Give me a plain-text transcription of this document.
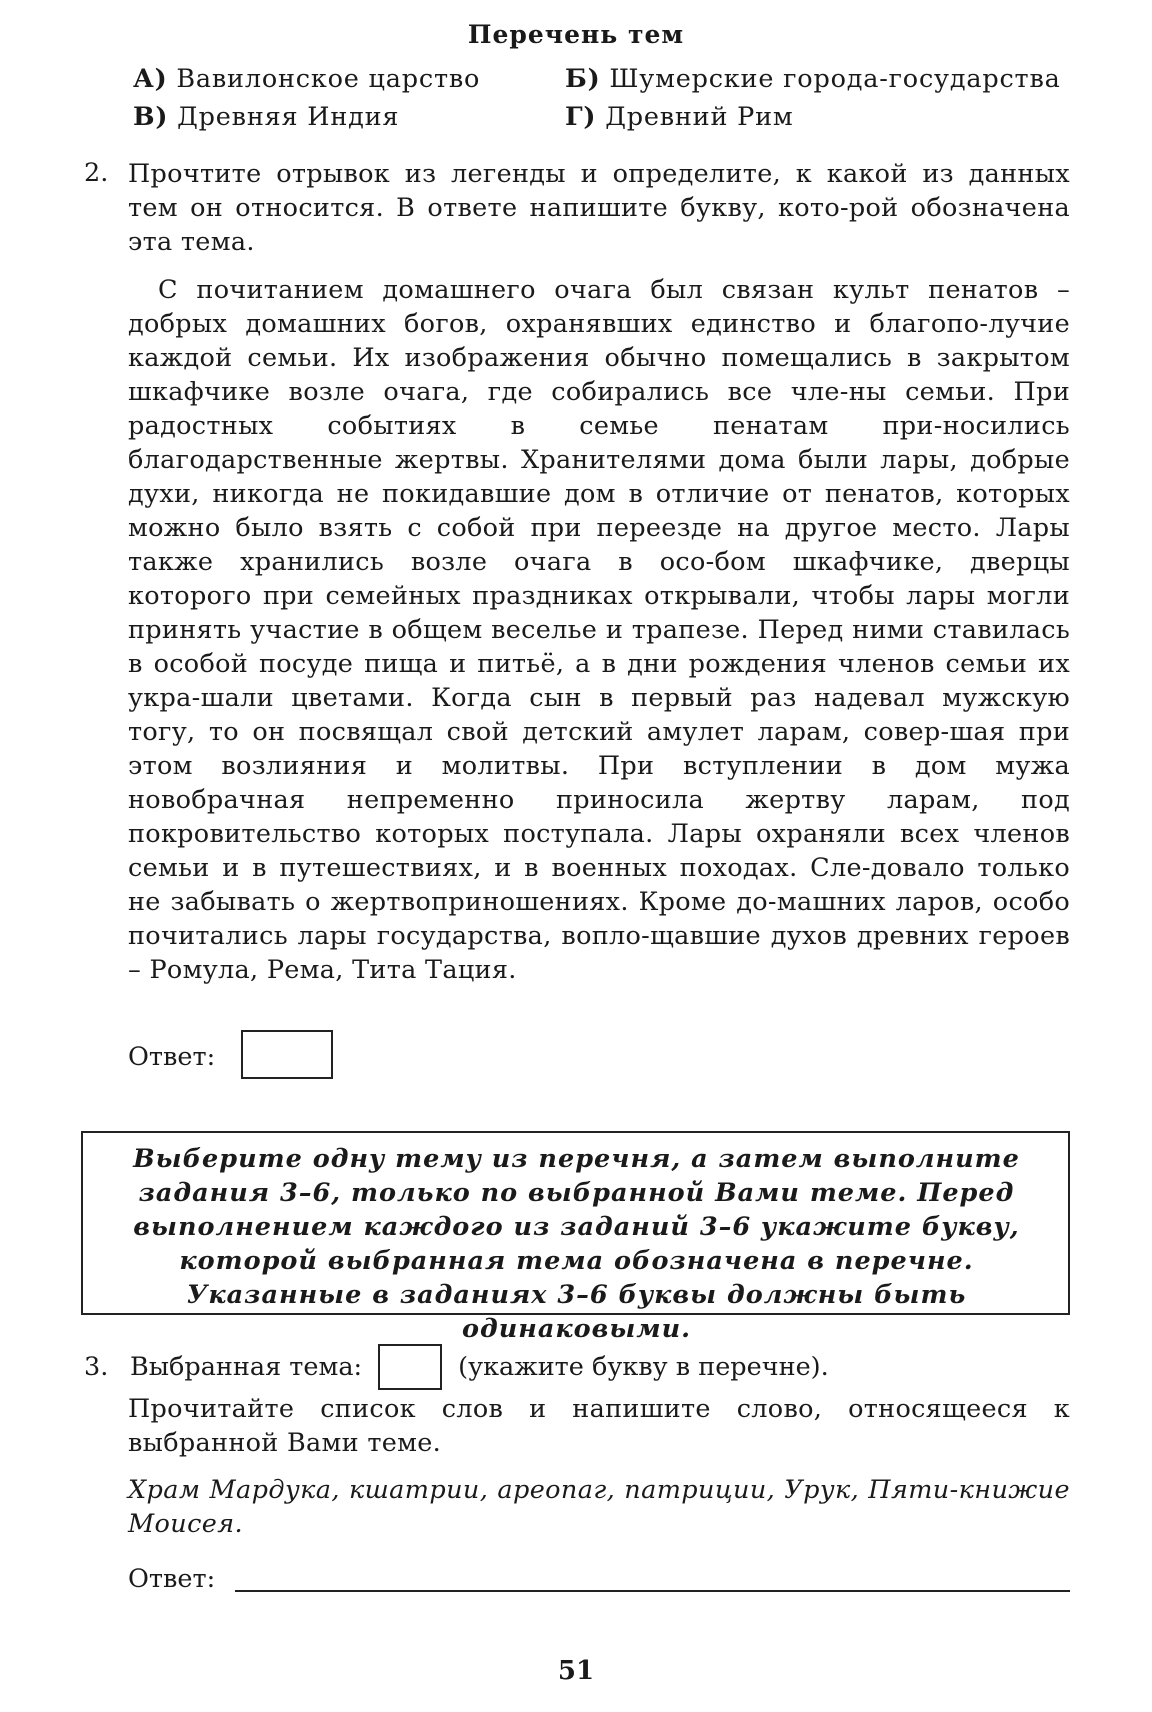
Перечень тем
А) Вавилонское царство	Б) Шумерские города-государства
В) Древняя Индия	Г) Древний Рим
2. Прочтите отрывок из легенды и определите, к какой из данных тем он относится. В ответе напишите букву, кото-рой обозначена эта тема.
С почитанием домашнего очага был связан культ пенатов – добрых домашних богов, охранявших единство и благопо-лучие каждой семьи. Их изображения обычно помещались в закрытом шкафчике возле очага, где собирались все чле-ны семьи. При радостных событиях в семье пенатам при-носились благодарственные жертвы. Хранителями дома были лары, добрые духи, никогда не покидавшие дом в отличие от пенатов, которых можно было взять с собой при переезде на другое место. Лары также хранились возле очага в осо-бом шкафчике, дверцы которого при семейных праздниках открывали, чтобы лары могли принять участие в общем веселье и трапезе. Перед ними ставилась в особой посуде пища и питьё, а в дни рождения членов семьи их укра-шали цветами. Когда сын в первый раз надевал мужскую тогу, то он посвящал свой детский амулет ларам, совер-шая при этом возлияния и молитвы. При вступлении в дом мужа новобрачная непременно приносила жертву ларам, под покровительство которых поступала. Лары охраняли всех членов семьи и в путешествиях, и в военных походах. Сле-довало только не забывать о жертвоприношениях. Кроме до-машних ларов, особо почитались лары государства, вопло-щавшие духов древних героев – Ромула, Рема, Тита Тация.
Ответ:
Выберите одну тему из перечня, а затем выполните задания 3–6, только по выбранной Вами теме. Перед выполнением каждого из заданий 3–6 укажите букву, которой выбранная тема обозначена в перечне. Указанные в заданиях 3–6 буквы должны быть одинаковыми.
3. Выбранная тема:	(укажите букву в перечне).
Прочитайте список слов и напишите слово, относящееся к выбранной Вами теме.
Храм Мардука, кшатрии, ареопаг, патриции, Урук, Пяти-книжие Моисея.
Ответ:
51
